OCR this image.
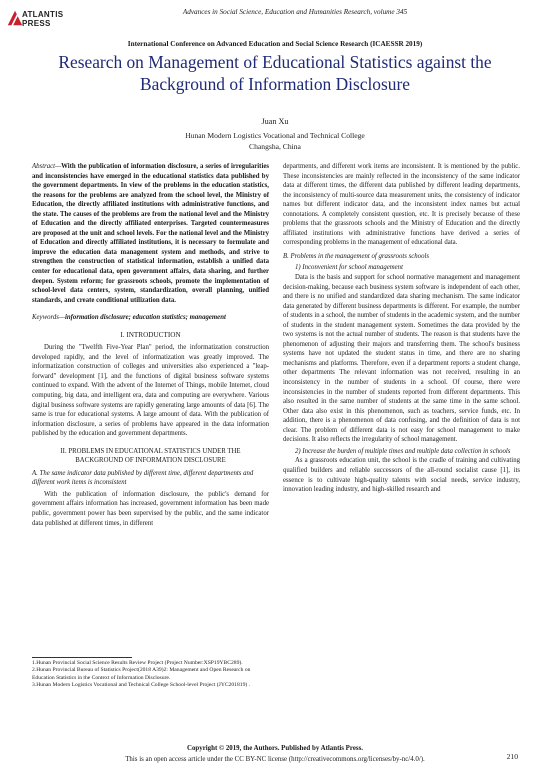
ATLANTIS
PRESS
Advances in Social Science, Education and Humanities Research, volume 345
International Conference on Advanced Education and Social Science Research (ICAESSR 2019)
Research on Management of Educational Statistics against the Background of Information Disclosure
Juan Xu
Hunan Modern Logistics Vocational and Technical College
Changsha, China

Abstract—With the publication of information disclosure, a series of irregularities and inconsistencies have emerged in the educational statistics data published by the government departments. In view of the problems in the education statistics, the reasons for the problems are analyzed from the school level, the Ministry of Education, the directly affiliated institutions with administrative functions, and the state. The causes of the problems are from the national level and the Ministry of Education and the directly affiliated enterprises. Targeted countermeasures are proposed at the unit and school levels. For the national level and the Ministry of Education and directly affiliated institutions, it is necessary to formulate and improve the education data management system and methods, and strive to strengthen the construction of statistical information, establish a unified data center for educational data, open government affairs, data sharing, and further deepen. System reform; for grassroots schools, promote the implementation of school-level data centers, system, standardization, overall planning, unified standards, and create conditional utilization data.

Keywords—information disclosure; education statistics; management

I. INTRODUCTION

During the "Twelfth Five-Year Plan" period, the informatization construction developed rapidly, and the level of informatization was greatly improved. The informatization construction of colleges and universities also experienced a "leap-forward" development [1], and the functions of digital business software systems continued to expand. With the advent of the Internet of Things, mobile Internet, cloud computing, big data, and intelligent era, data and computing are everywhere. Various digital business software systems are rapidly generating large amounts of data [6]. The same is true for educational systems. A large amount of data. With the publication of information disclosure, a series of problems have appeared in the data information published by the education and government departments.

II. PROBLEMS IN EDUCATIONAL STATISTICS UNDER THE BACKGROUND OF INFORMATION DISCLOSURE

A. The same indicator data published by different time, different departments and different work items is inconsistent

With the publication of information disclosure, the public's demand for government affairs information has increased, government information has been made public, government power has been supervised by the public, and the same indicator data published at different times, in different

departments, and different work items are inconsistent. It is mentioned by the public. These inconsistencies are mainly reflected in the inconsistency of the same indicator data at different times, the different data published by different leading departments, the inconsistency of multi-source data measurement units, the consistency of indicator names but different indicator data, and the inconsistent index names but actual connotations. A completely consistent question, etc. It is precisely because of these problems that the grassroots schools and the Ministry of Education and the directly affiliated institutions with administrative functions have derived a series of corresponding problems in the management of educational data.

B. Problems in the management of grassroots schools

1) Inconvenient for school management

Data is the basis and support for school normative management and management decision-making, because each business system software is independent of each other, and there is no unified and standardized data sharing mechanism. The same indicator data generated by different business departments is different. For example, the number of students in a school, the number of students in the academic system, and the number of students in the student management system. Sometimes the data provided by the two systems is not the actual number of students. The reason is that students have the phenomenon of adjusting their majors and transferring them. The school's business systems have not updated the student status in time, and there are no sharing mechanisms and platforms. Therefore, even if a department reports a student change, other departments The relevant information was not received, resulting in an inconsistency in the number of students in a school. Of course, there were inconsistencies in the number of students reported from different departments. This also resulted in the same number of students at the same time in the same school. Other data also exist in this phenomenon, such as teachers, service funds, etc. In addition, there is a phenomenon of data confusing, and the definition of data is not clear. The problem of different data is not easy for school management to make decisions. It also reflects the irregularity of school management.

2) Increase the burden of multiple times and multiple data collection in schools

As a grassroots education unit, the school is the cradle of training and cultivating qualified builders and reliable successors of the all-round socialist cause [1], its essence is to cultivate high-quality talents with social needs, service industry, innovation leading industry, and high-skilled research and

1.Hunan Provincial Social Science Results Review Project (Project Number:XSP19YBC289).

2.Hunan Provincial Bureau of Statistics Project(2018 A39)2: Management and Open Research on Education Statistics in the Context of Information Disclosure.

3.Hunan Modern Logistics Vocational and Technical College School-level Project (JYC201819) .

Copyright © 2019, the Authors. Published by Atlantis Press.
This is an open access article under the CC BY-NC license (http://creativecommons.org/licenses/by-nc/4.0/).	210
